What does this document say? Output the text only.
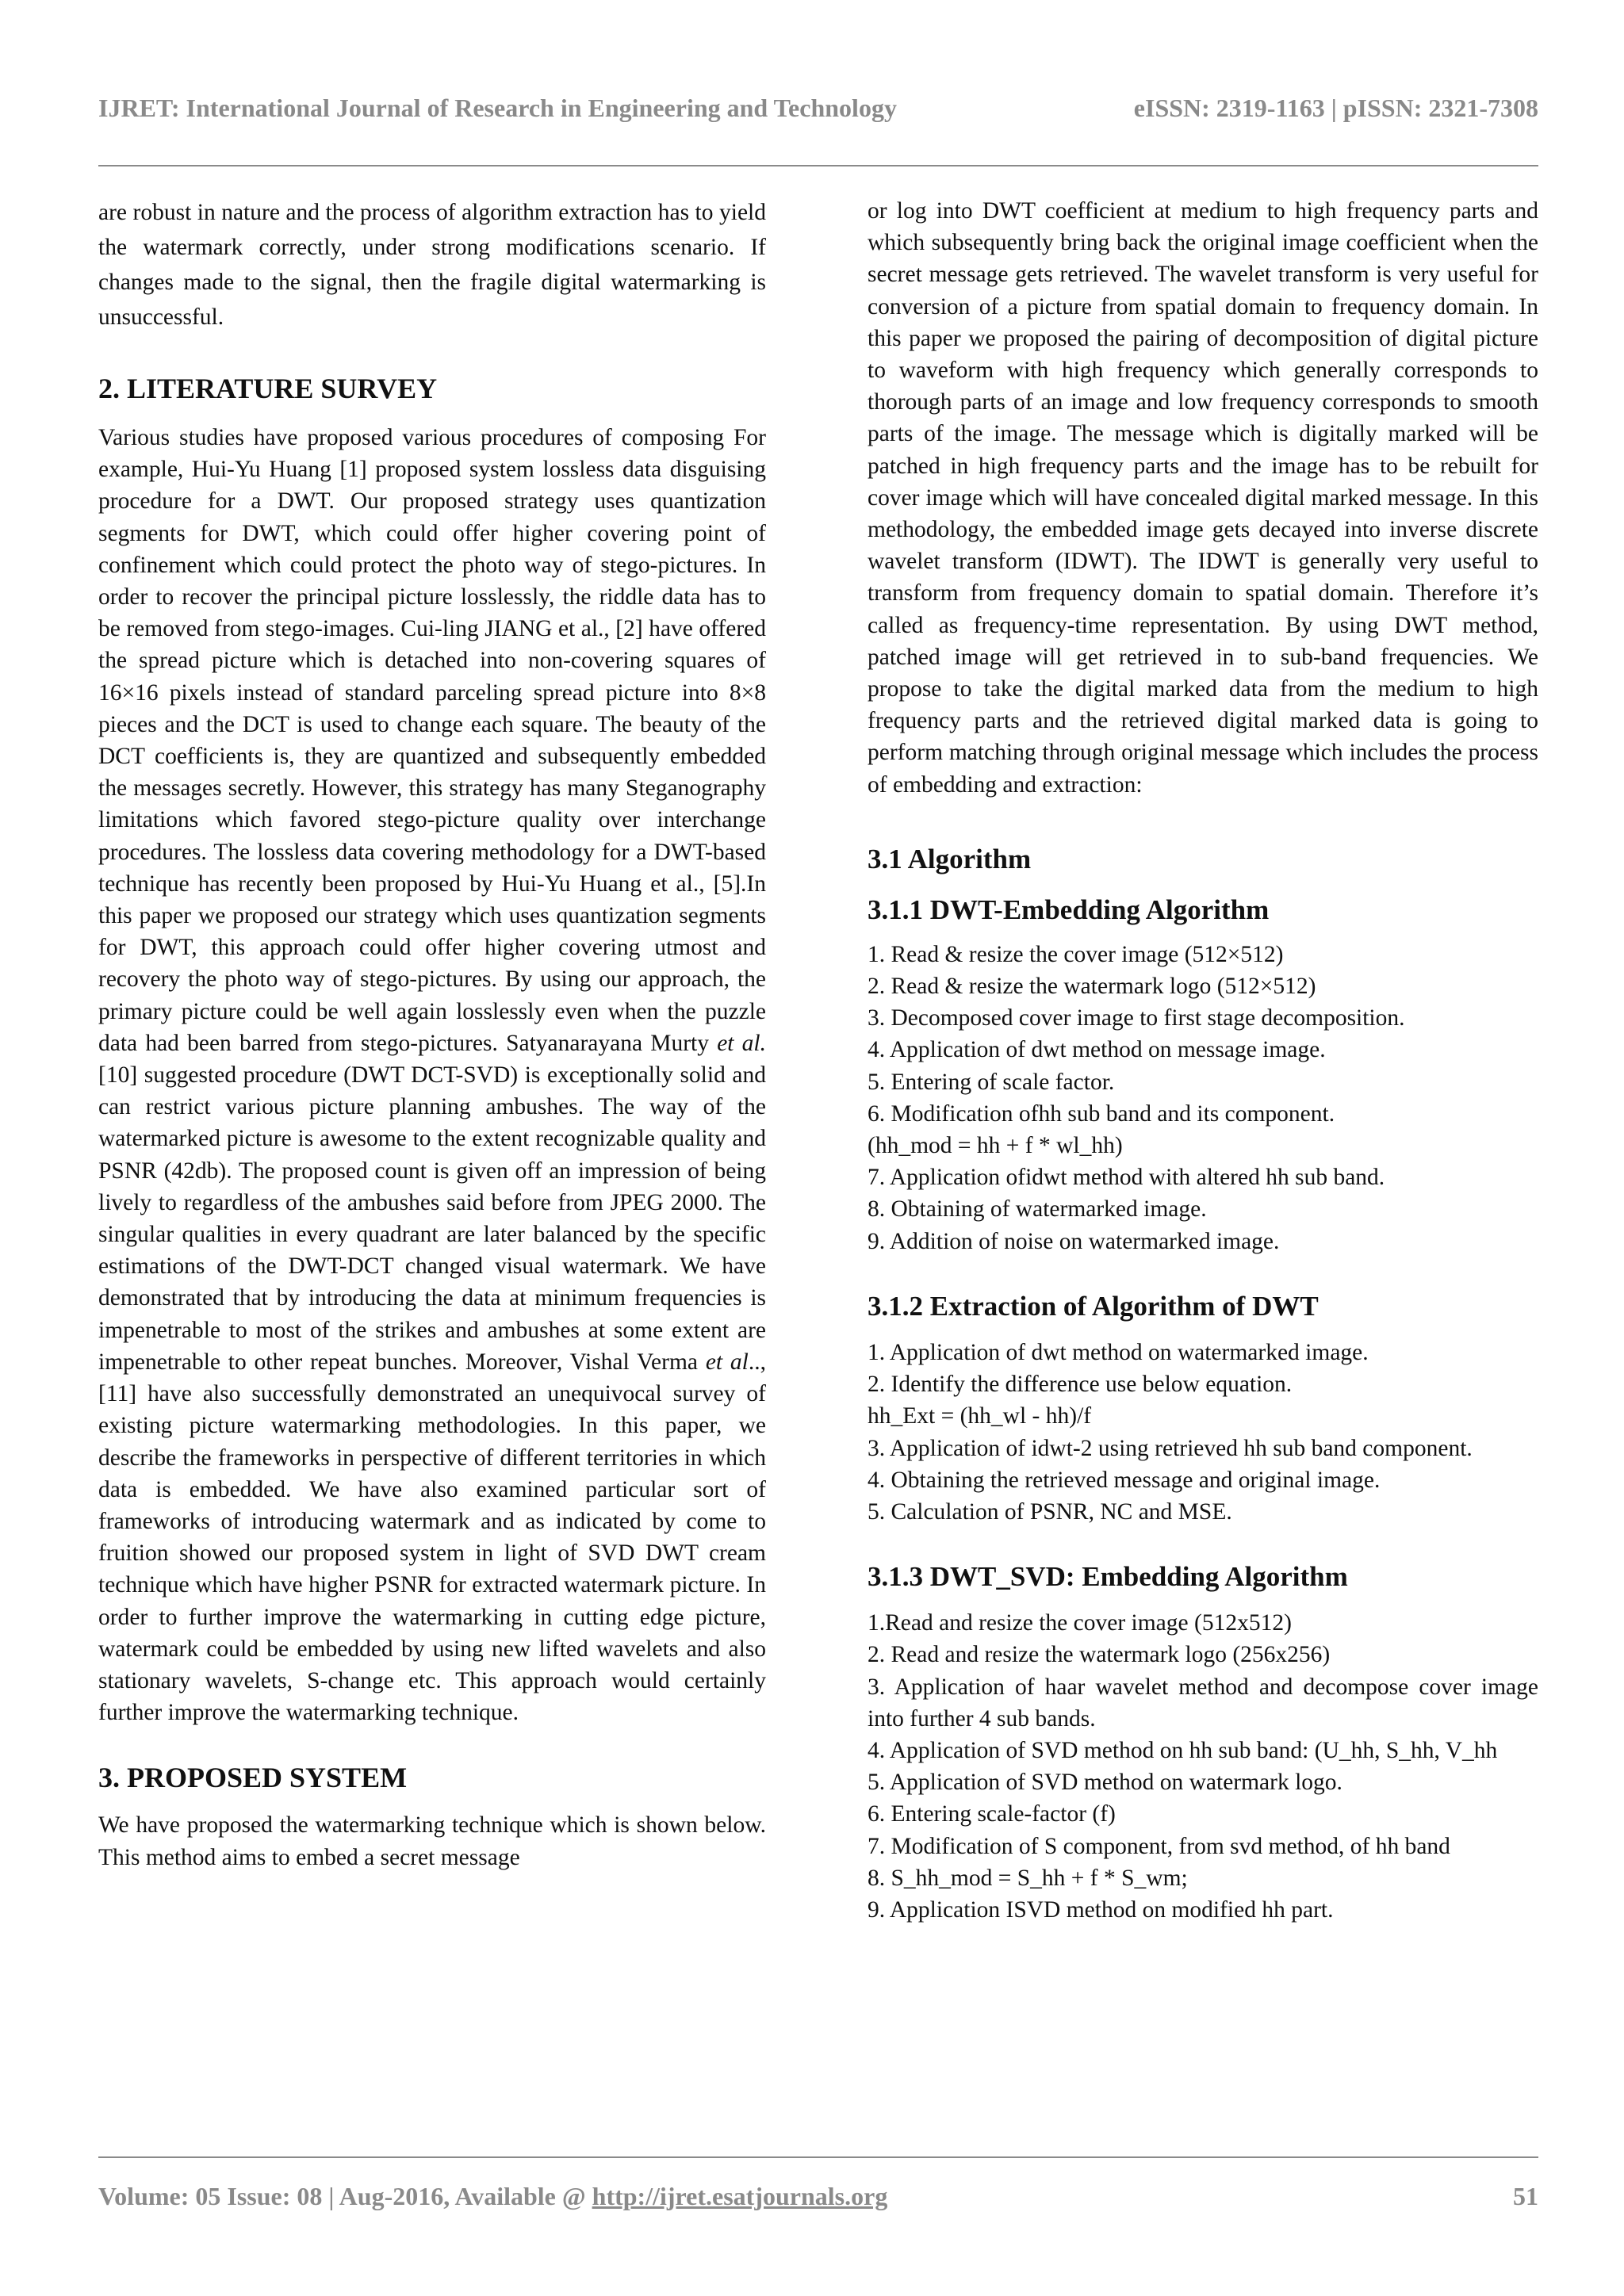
IJRET: International Journal of Research in Engineering and Technology	eISSN: 2319-1163 | pISSN: 2321-7308

are robust in nature and the process of algorithm extraction has to yield the watermark correctly, under strong modifications scenario. If changes made to the signal, then the fragile digital watermarking is unsuccessful.

2. LITERATURE SURVEY

Various studies have proposed various procedures of composing For example, Hui-Yu Huang [1] proposed system lossless data disguising procedure for a DWT. Our proposed strategy uses quantization segments for DWT, which could offer higher covering point of confinement which could protect the photo way of stego-pictures. In order to recover the principal picture losslessly, the riddle data has to be removed from stego-images. Cui-ling JIANG et al., [2] have offered the spread picture which is detached into non-covering squares of 16×16 pixels instead of standard parceling spread picture into 8×8 pieces and the DCT is used to change each square. The beauty of the DCT coefficients is, they are quantized and subsequently embedded the messages secretly. However, this strategy has many Steganography limitations which favored stego-picture quality over interchange procedures. The lossless data covering methodology for a DWT-based technique has recently been proposed by Hui-Yu Huang et al., [5].In this paper we proposed our strategy which uses quantization segments for DWT, this approach could offer higher covering utmost and recovery the photo way of stego-pictures. By using our approach, the primary picture could be well again losslessly even when the puzzle data had been barred from stego-pictures. Satyanarayana Murty et al. [10] suggested procedure (DWT DCT-SVD) is exceptionally solid and can restrict various picture planning ambushes. The way of the watermarked picture is awesome to the extent recognizable quality and PSNR (42db). The proposed count is given off an impression of being lively to regardless of the ambushes said before from JPEG 2000. The singular qualities in every quadrant are later balanced by the specific estimations of the DWT-DCT changed visual watermark. We have demonstrated that by introducing the data at minimum frequencies is impenetrable to most of the strikes and ambushes at some extent are impenetrable to other repeat bunches. Moreover, Vishal Verma et al.., [11] have also successfully demonstrated an unequivocal survey of existing picture watermarking methodologies. In this paper, we describe the frameworks in perspective of different territories in which data is embedded. We have also examined particular sort of frameworks of introducing watermark and as indicated by come to fruition showed our proposed system in light of SVD DWT cream technique which have higher PSNR for extracted watermark picture. In order to further improve the watermarking in cutting edge picture, watermark could be embedded by using new lifted wavelets and also stationary wavelets, S-change etc. This approach would certainly further improve the watermarking technique.

3. PROPOSED SYSTEM

We have proposed the watermarking technique which is shown below. This method aims to embed a secret message

or log into DWT coefficient at medium to high frequency parts and which subsequently bring back the original image coefficient when the secret message gets retrieved. The wavelet transform is very useful for conversion of a picture from spatial domain to frequency domain. In this paper we proposed the pairing of decomposition of digital picture to waveform with high frequency which generally corresponds to thorough parts of an image and low frequency corresponds to smooth parts of the image. The message which is digitally marked will be patched in high frequency parts and the image has to be rebuilt for cover image which will have concealed digital marked message. In this methodology, the embedded image gets decayed into inverse discrete wavelet transform (IDWT). The IDWT is generally very useful to transform from frequency domain to spatial domain. Therefore it’s called as frequency-time representation. By using DWT method, patched image will get retrieved in to sub-band frequencies. We propose to take the digital marked data from the medium to high frequency parts and the retrieved digital marked data is going to perform matching through original message which includes the process of embedding and extraction:

3.1 Algorithm
3.1.1 DWT-Embedding Algorithm
1. Read & resize the cover image (512×512)
2. Read & resize the watermark logo (512×512)
3. Decomposed cover image to first stage decomposition.
4. Application of dwt method on message image.
5. Entering of scale factor.
6. Modification ofhh sub band and its component.
(hh_mod = hh + f * wl_hh)
7. Application ofidwt method with altered hh sub band.
8. Obtaining of watermarked image.
9. Addition of noise on watermarked image.
3.1.2 Extraction of Algorithm of DWT
1. Application of dwt method on watermarked image.
2. Identify the difference use below equation.
hh_Ext = (hh_wl - hh)/f
3. Application of idwt-2 using retrieved hh sub band component.
4. Obtaining the retrieved message and original image.
5. Calculation of PSNR, NC and MSE.
3.1.3 DWT_SVD: Embedding Algorithm
1.Read and resize the cover image (512x512)
2. Read and resize the watermark logo (256x256)
3. Application of haar wavelet method and decompose cover image into further 4 sub bands.
4. Application of SVD method on hh sub band: (U_hh, S_hh, V_hh
5. Application of SVD method on watermark logo.
6. Entering scale-factor (f)
7. Modification of S component, from svd method, of hh band
8. S_hh_mod = S_hh + f * S_wm;
9. Application ISVD method on modified hh part.
Volume: 05 Issue: 08 | Aug-2016, Available @ http://ijret.esatjournals.org	51
